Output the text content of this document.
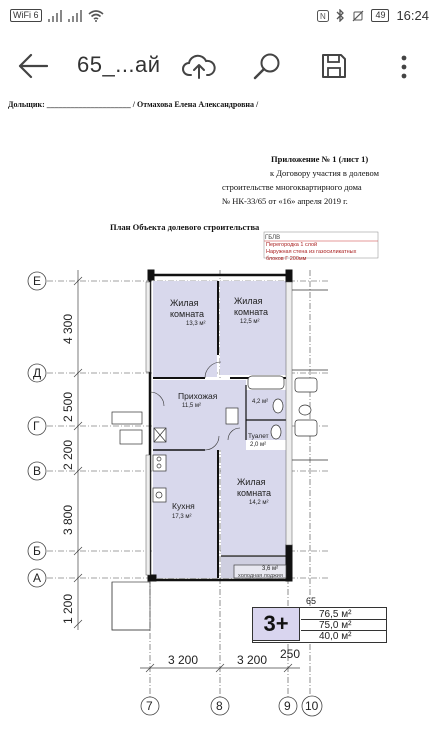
WiFi 6	N	49 16:24
65_...ай
Дольщик: _____________________ / Отмахова Елена Александровна /
Приложение № 1 (лист 1)
к Договору участия в долевом
строительстве многоквартирного дома
№ НК-33/65 от «16» апреля 2019 г.
План Объекта долевого строительства
ГБЛВ
Перегородка 1 слой
Наружная стена из газосиликатных
блоков Г 200мм
Е
Д
Г
В
Б
А
7	8	9 10
4 300
2 500
2 200
3 800
1 200
3 200	3 200 250
Жилая
комната
13,3 м²
Жилая
комната
12,5 м²
Прихожая
11,5 м²
4,2 м²
Туалет
2,0 м²
Кухня
17,3 м²
Жилая
комната
14,2 м²
3,6 м²
холодная лоджия
65
76,5 м²
75,0 м²
40,0 м²
3+
